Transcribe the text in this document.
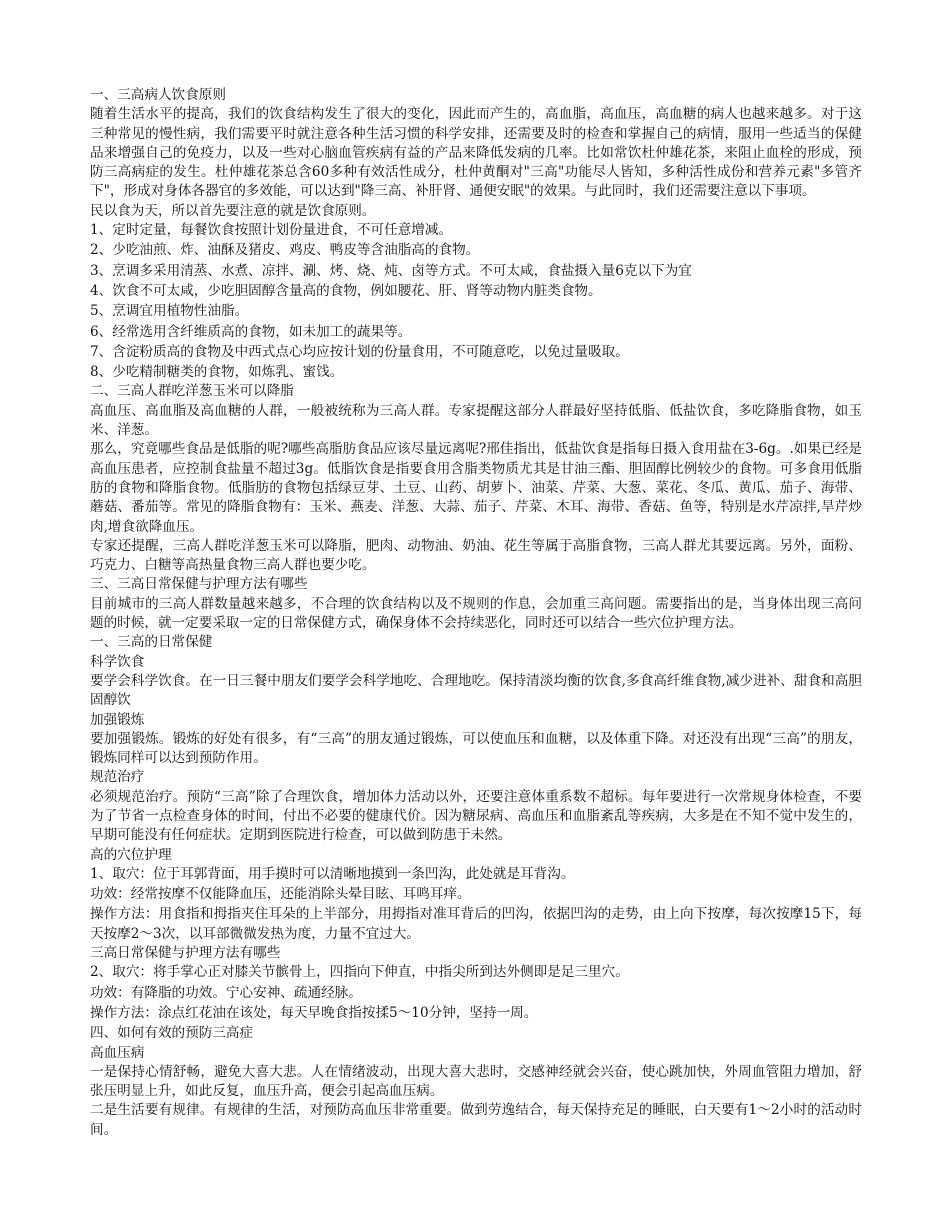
一、三高病人饮食原则

随着生活水平的提高，我们的饮食结构发生了很大的变化，因此而产生的，高血脂，高血压，高血糖的病人也越来越多。对于这三种常见的慢性病，我们需要平时就注意各种生活习惯的科学安排，还需要及时的检查和掌握自己的病情，服用一些适当的保健品来增强自己的免疫力，以及一些对心脑血管疾病有益的产品来降低发病的几率。比如常饮杜仲雄花茶，来阻止血栓的形成，预防三高病症的发生。杜仲雄花茶总含60多种有效活性成分，杜仲黄酮对"三高"功能尽人皆知，多种活性成份和营养元素"多管齐下"，形成对身体各器官的多效能，可以达到"降三高、补肝肾、通便安眠"的效果。与此同时，我们还需要注意以下事项。

民以食为天，所以首先要注意的就是饮食原则。

1、定时定量，每餐饮食按照计划份量进食，不可任意增减。

2、少吃油煎、炸、油酥及猪皮、鸡皮、鸭皮等含油脂高的食物。

3、烹调多采用清蒸、水煮、凉拌、涮、烤、烧、炖、卤等方式。不可太咸，食盐摄入量6克以下为宜

4、饮食不可太咸，少吃胆固醇含量高的食物，例如腰花、肝、肾等动物内脏类食物。

5、烹调宜用植物性油脂。

6、经常选用含纤维质高的食物，如未加工的蔬果等。

7、含淀粉质高的食物及中西式点心均应按计划的份量食用，不可随意吃，以免过量吸取。

8、少吃精制糖类的食物，如炼乳、蜜饯。

二、三高人群吃洋葱玉米可以降脂

高血压、高血脂及高血糖的人群，一般被统称为三高人群。专家提醒这部分人群最好坚持低脂、低盐饮食，多吃降脂食物，如玉米、洋葱。

那么，究竟哪些食品是低脂的呢?哪些高脂肪食品应该尽量远离呢?邢佳指出，低盐饮食是指每日摄入食用盐在3-6g。.如果已经是高血压患者，应控制食盐量不超过3g。低脂饮食是指要食用含脂类物质尤其是甘油三酯、胆固醇比例较少的食物。可多食用低脂肪的食物和降脂食物。低脂肪的食物包括绿豆芽、土豆、山药、胡萝卜、油菜、芹菜、大葱、菜花、冬瓜、黄瓜、茄子、海带、蘑菇、番茄等。常见的降脂食物有：玉米、燕麦、洋葱、大蒜、茄子、芹菜、木耳、海带、香菇、鱼等，特别是水芹凉拌,旱芹炒肉,增食欲降血压。

专家还提醒，三高人群吃洋葱玉米可以降脂，肥肉、动物油、奶油、花生等属于高脂食物，三高人群尤其要远离。另外，面粉、巧克力、白糖等高热量食物三高人群也要少吃。

三、三高日常保健与护理方法有哪些

目前城市的三高人群数量越来越多，不合理的饮食结构以及不规则的作息，会加重三高问题。需要指出的是，当身体出现三高问题的时候，就一定要采取一定的日常保健方式，确保身体不会持续恶化，同时还可以结合一些穴位护理方法。

一、三高的日常保健

科学饮食

要学会科学饮食。在一日三餐中朋友们要学会科学地吃、合理地吃。保持清淡均衡的饮食,多食高纤维食物,减少进补、甜食和高胆固醇饮

加强锻炼

要加强锻炼。锻炼的好处有很多，有“三高”的朋友通过锻炼，可以使血压和血糖，以及体重下降。对还没有出现“三高”的朋友，锻炼同样可以达到预防作用。

规范治疗

必须规范治疗。预防“三高”除了合理饮食，增加体力活动以外，还要注意体重系数不超标。每年要进行一次常规身体检查，不要为了节省一点检查身体的时间，付出不必要的健康代价。因为糖尿病、高血压和血脂紊乱等疾病，大多是在不知不觉中发生的，早期可能没有任何症状。定期到医院进行检查，可以做到防患于未然。

高的穴位护理

1、取穴：位于耳郭背面，用手摸时可以清晰地摸到一条凹沟，此处就是耳背沟。

功效：经常按摩不仅能降血压，还能消除头晕目眩、耳鸣耳痒。

操作方法：用食指和拇指夹住耳朵的上半部分，用拇指对准耳背后的凹沟，依据凹沟的走势，由上向下按摩，每次按摩15下，每天按摩2～3次，以耳部微微发热为度，力量不宜过大。

三高日常保健与护理方法有哪些

2、取穴：将手掌心正对膝关节髌骨上，四指向下伸直，中指尖所到达外侧即是足三里穴。

功效：有降脂的功效。宁心安神、疏通经脉。

操作方法：涂点红花油在该处，每天早晚食指按揉5～10分钟，坚持一周。

四、如何有效的预防三高症

高血压病

一是保持心情舒畅，避免大喜大悲。人在情绪波动，出现大喜大悲时，交感神经就会兴奋，使心跳加快，外周血管阻力增加，舒张压明显上升，如此反复，血压升高，便会引起高血压病。

二是生活要有规律。有规律的生活，对预防高血压非常重要。做到劳逸结合，每天保持充足的睡眠，白天要有1～2小时的活动时间。
